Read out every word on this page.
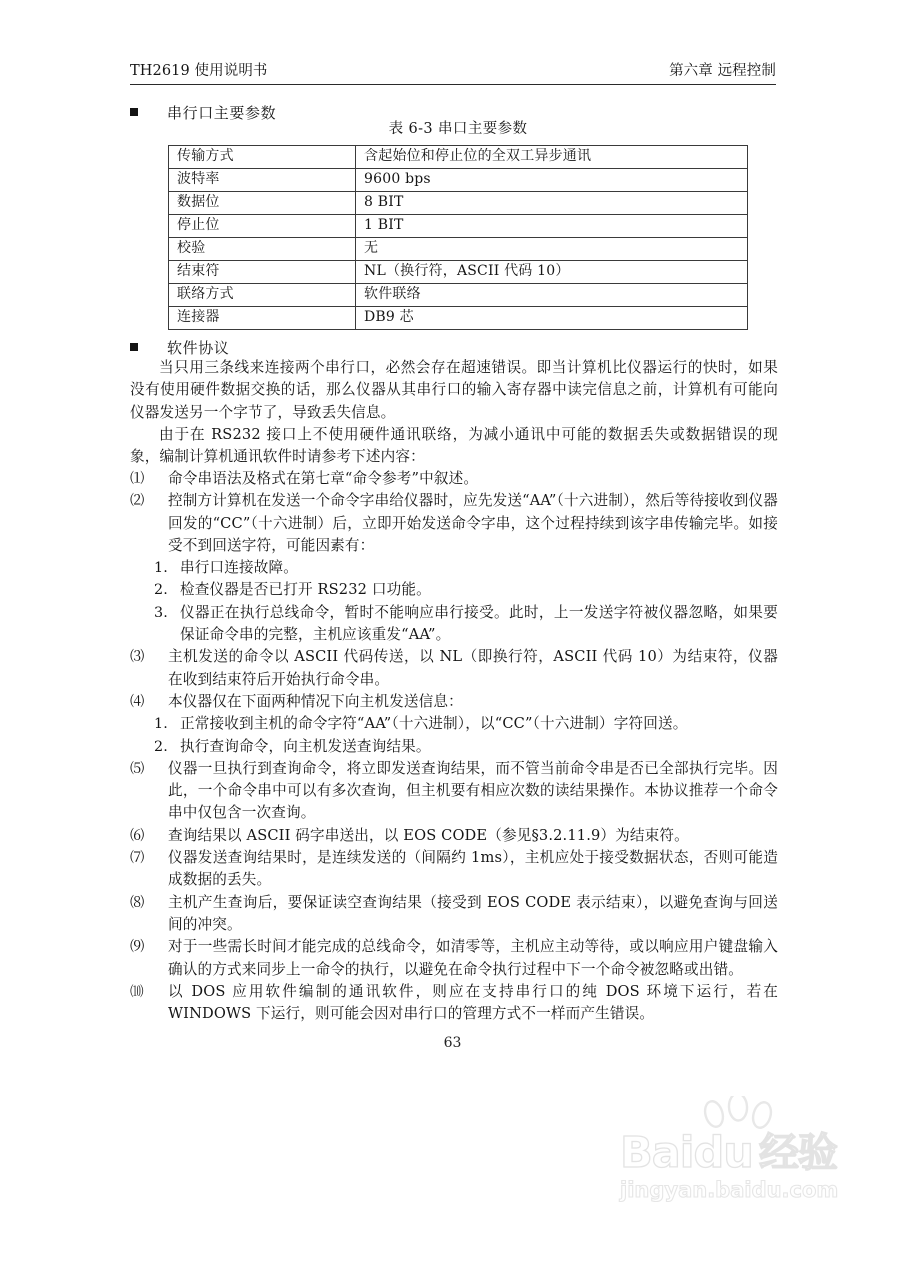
TH2619 使用说明书	第六章 远程控制
串行口主要参数
表 6-3 串口主要参数
传输方式	含起始位和停止位的全双工异步通讯
波特率	9600 bps
数据位	8 BIT
停止位	1 BIT
校验	无
结束符	NL（换行符，ASCII 代码 10）
联络方式	软件联络
连接器	DB9 芯
软件协议

当只用三条线来连接两个串行口，必然会存在超速错误。即当计算机比仪器运行的快时，如果没有使用硬件数据交换的话，那么仪器从其串行口的输入寄存器中读完信息之前，计算机有可能向仪器发送另一个字节了，导致丢失信息。

由于在 RS232 接口上不使用硬件通讯联络，为减小通讯中可能的数据丢失或数据错误的现象，编制计算机通讯软件时请参考下述内容：

⑴	命令串语法及格式在第七章“命令参考”中叙述。
⑵	控制方计算机在发送一个命令字串给仪器时，应先发送“AA”（十六进制），然后等待接收到仪器回发的“CC”（十六进制）后，立即开始发送命令字串，这个过程持续到该字串传输完毕。如接受不到回送字符，可能因素有：
1. 串行口连接故障。
2. 检查仪器是否已打开 RS232 口功能。
3. 仪器正在执行总线命令，暂时不能响应串行接受。此时，上一发送字符被仪器忽略，如果要保证命令串的完整，主机应该重发“AA”。
⑶	主机发送的命令以 ASCII 代码传送，以 NL（即换行符，ASCII 代码 10）为结束符，仪器在收到结束符后开始执行命令串。
⑷	本仪器仅在下面两种情况下向主机发送信息：
1. 正常接收到主机的命令字符“AA”（十六进制），以“CC”（十六进制）字符回送。
2. 执行查询命令，向主机发送查询结果。
⑸	仪器一旦执行到查询命令，将立即发送查询结果，而不管当前命令串是否已全部执行完毕。因此，一个命令串中可以有多次查询，但主机要有相应次数的读结果操作。本协议推荐一个命令串中仅包含一次查询。
⑹	查询结果以 ASCII 码字串送出，以 EOS CODE（参见§3.2.11.9）为结束符。
⑺	仪器发送查询结果时，是连续发送的（间隔约 1ms），主机应处于接受数据状态，否则可能造成数据的丢失。
⑻	主机产生查询后，要保证读空查询结果（接受到 EOS CODE 表示结束），以避免查询与回送间的冲突。
⑼	对于一些需长时间才能完成的总线命令，如清零等，主机应主动等待，或以响应用户键盘输入确认的方式来同步上一命令的执行，以避免在命令执行过程中下一个命令被忽略或出错。
⑽	以 DOS 应用软件编制的通讯软件，则应在支持串行口的纯 DOS 环境下运行，若在 WINDOWS 下运行，则可能会因对串行口的管理方式不一样而产生错误。
63
Baidu 经验
jingyan.baidu.com
